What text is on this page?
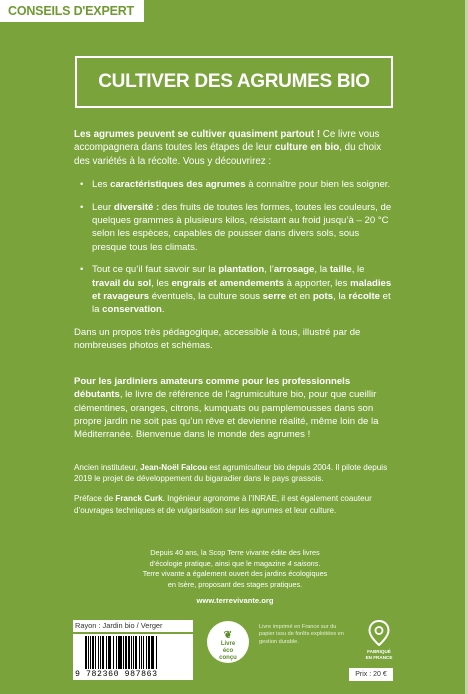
CONSEILS D'EXPERT
CULTIVER DES AGRUMES BIO

Les agrumes peuvent se cultiver quasiment partout ! Ce livre vous accompagnera dans toutes les étapes de leur culture en bio, du choix des variétés à la récolte. Vous y découvrirez :

• Les caractéristiques des agrumes à connaître pour bien les soigner.
• Leur diversité : des fruits de toutes les formes, toutes les couleurs, de quelques grammes à plusieurs kilos, résistant au froid jusqu’à – 20 °C selon les espèces, capables de pousser dans divers sols, sous presque tous les climats.
• Tout ce qu’il faut savoir sur la plantation, l’arrosage, la taille, le travail du sol, les engrais et amendements à apporter, les maladies et ravageurs éventuels, la culture sous serre et en pots, la récolte et la conservation.

Dans un propos très pédagogique, accessible à tous, illustré par de nombreuses photos et schémas.

Pour les jardiniers amateurs comme pour les professionnels débutants, le livre de référence de l’agrumiculture bio, pour que cueillir clémentines, oranges, citrons, kumquats ou pamplemousses dans son propre jardin ne soit pas qu’un rêve et devienne réalité, même loin de la Méditerranée. Bienvenue dans le monde des agrumes !

Ancien instituteur, Jean-Noël Falcou est agrumiculteur bio depuis 2004. Il pilote depuis 2019 le projet de développement du bigaradier dans le pays grassois.

Préface de Franck Curk. Ingénieur agronome à l’INRAE, il est également coauteur d’ouvrages techniques et de vulgarisation sur les agrumes et leur culture.

Depuis 40 ans, la Scop Terre vivante édite des livres
d’écologie pratique, ainsi que le magazine 4 saisons.
Terre vivante a également ouvert des jardins écologiques
en Isère, proposant des stages pratiques.
www.terrevivante.org
Rayon : Jardin bio / Verger
9 782360 987863
❦
Livre
éco
conçu
Livre imprimé en France sur du papier issu de forêts exploitées en gestion durable.
FABRIQUÉ
EN FRANCE
Prix : 20 €
